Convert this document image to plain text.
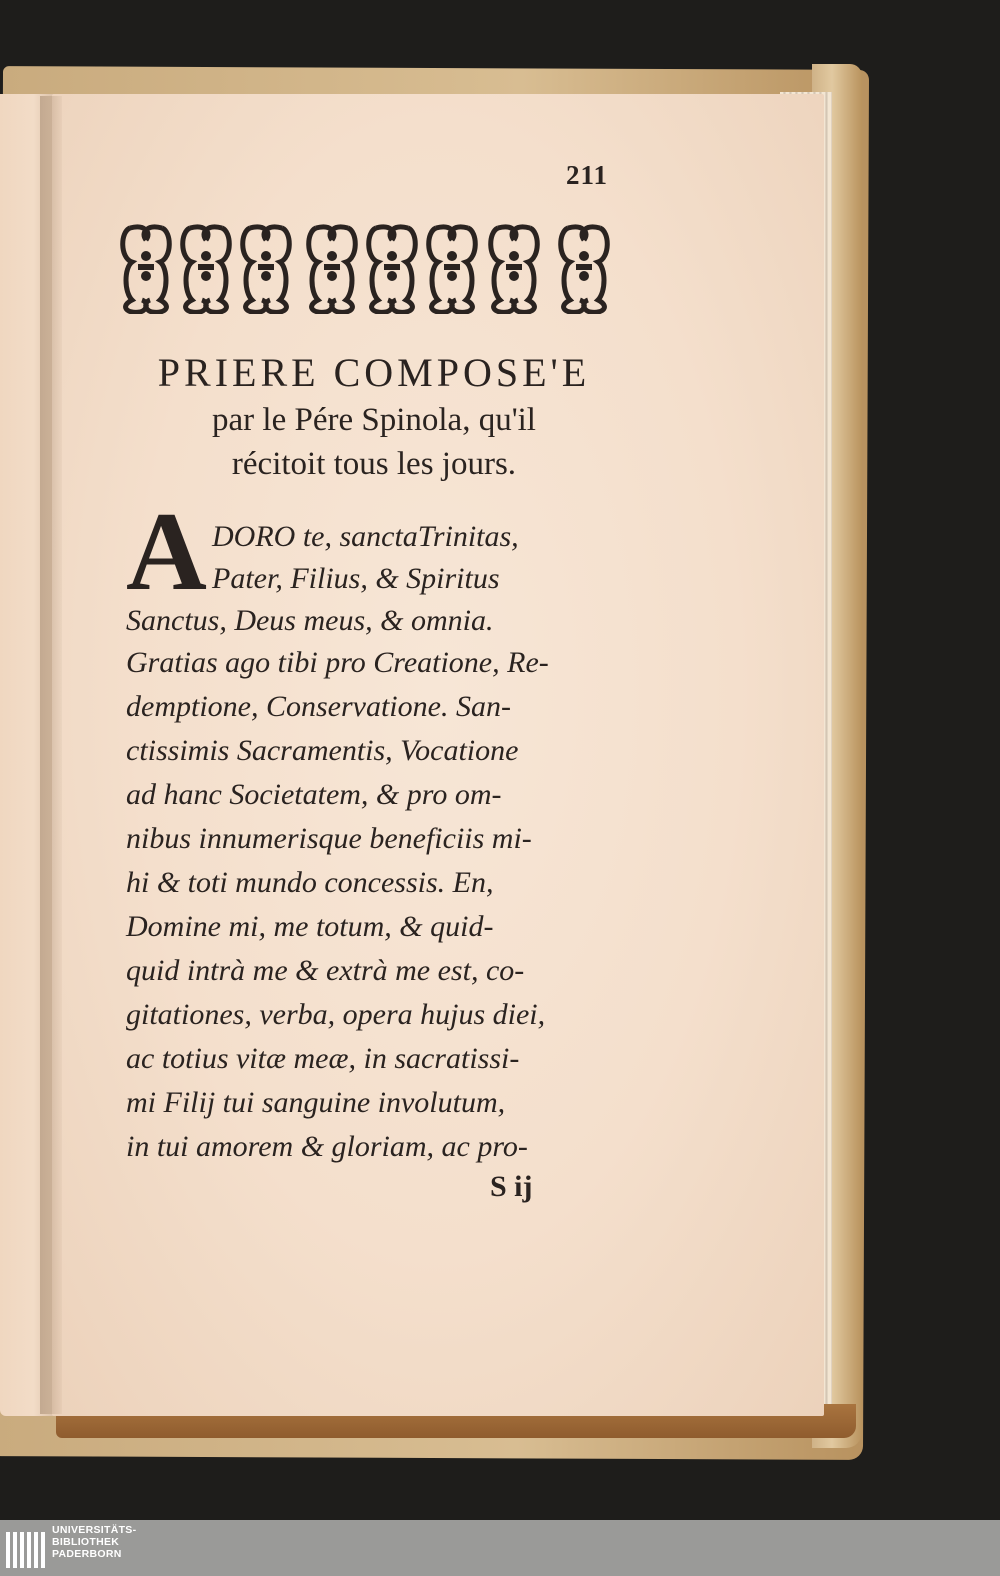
211
PRIERE COMPOSE'E
par le Pére Spinola, qu'il
récitoit tous les jours.
A DORO te, sanctaTrinitas,
Pater, Filius, & Spiritus
Sanctus, Deus meus, & omnia.
Gratias ago tibi pro Creatione, Re-
demptione, Conservatione. San-
ctissimis Sacramentis, Vocatione
ad hanc Societatem, & pro om-
nibus innumerisque beneficiis mi-
hi & toti mundo concessis. En,
Domine mi, me totum, & quid-
quid intrà me & extrà me est, co-
gitationes, verba, opera hujus diei,
ac totius vitæ meæ, in sacratissi-
mi Filij tui sanguine involutum,
in tui amorem & gloriam, ac pro-
S ij
UNIVERSITÄTS-
BIBLIOTHEK
PADERBORN
